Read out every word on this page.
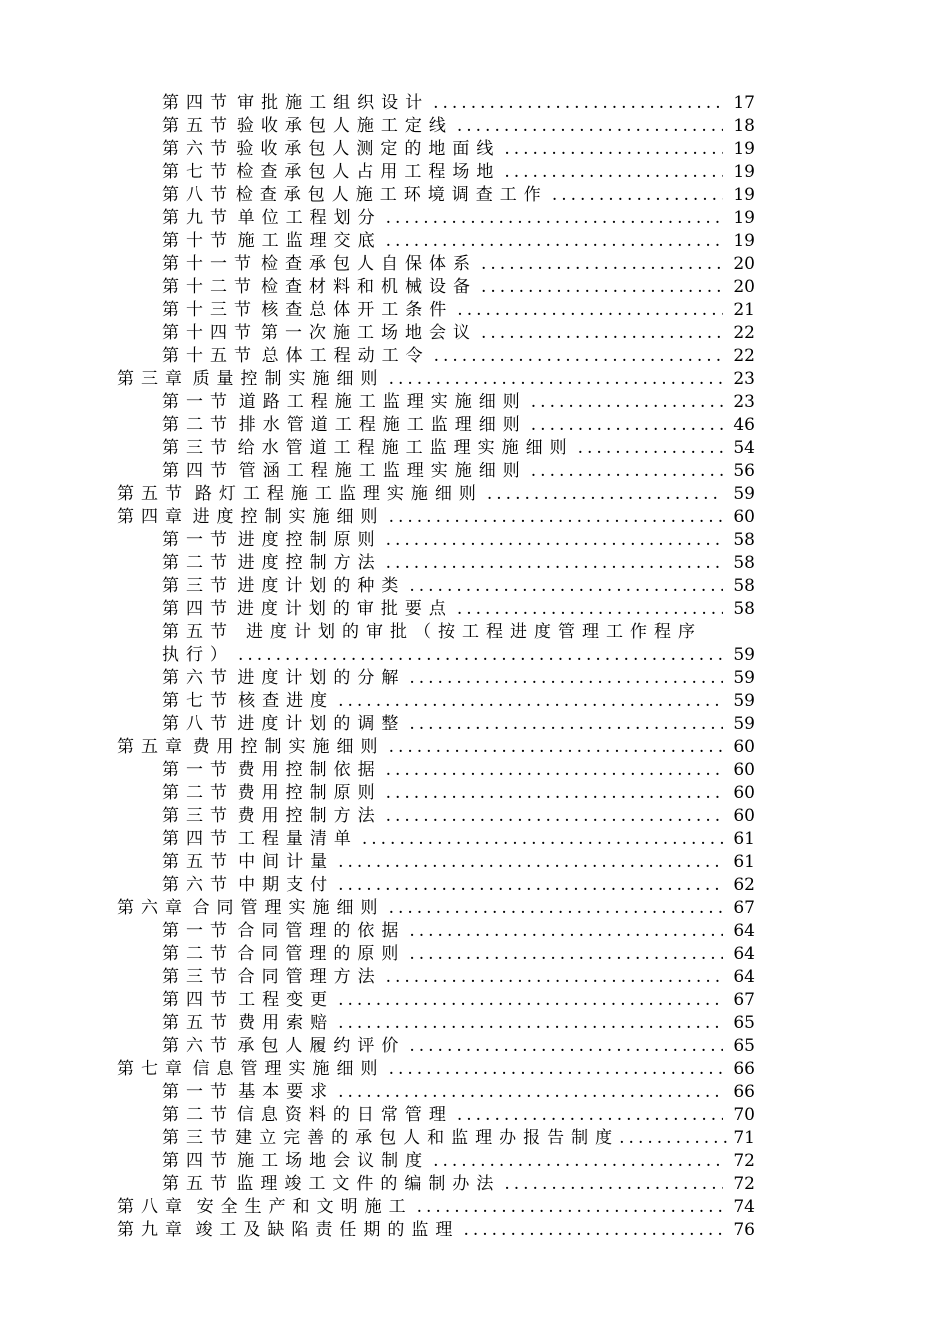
第四节 审批施工组织设计 .....	17
第五节 验收承包人施工定线 .....	18
第六节 验收承包人测定的地面线 .....	19
第七节 检查承包人占用工程场地 .....	19
第八节 检查承包人施工环境调查工作 .....	19
第九节 单位工程划分 .....	19
第十节 施工监理交底 .....	19
第十一节 检查承包人自保体系 .....	20
第十二节 检查材料和机械设备 .....	20
第十三节 核查总体开工条件 .....	21
第十四节 第一次施工场地会议 .....	22
第十五节 总体工程动工令 .....	22
第三章 质量控制实施细则 .....	23
第一节 道路工程施工监理实施细则 .....	23
第二节 排水管道工程施工监理细则 .....	46
第三节 给水管道工程施工监理实施细则 .....	54
第四节 管涵工程施工监理实施细则 .....	56
第五节 路灯工程施工监理实施细则 .....	59
第四章 进度控制实施细则 .....	60
第一节 进度控制原则 .....	58
第二节 进度控制方法 .....	58
第三节 进度计划的种类 .....	58
第四节 进度计划的审批要点 .....	58
第五节 进度计划的审批（按工程进度管理工作程序
执行） .....	59
第六节 进度计划的分解 .....	59
第七节 核查进度 .....	59
第八节 进度计划的调整 .....	59
第五章 费用控制实施细则 .....	60
第一节 费用控制依据 .....	60
第二节 费用控制原则 .....	60
第三节 费用控制方法 .....	60
第四节 工程量清单 .....	61
第五节 中间计量 .....	61
第六节 中期支付 .....	62
第六章 合同管理实施细则 .....	67
第一节 合同管理的依据 .....	64
第二节 合同管理的原则 .....	64
第三节 合同管理方法 .....	64
第四节 工程变更 .....	67
第五节 费用索赔 .....	65
第六节 承包人履约评价 .....	65
第七章 信息管理实施细则 .....	66
第一节 基本要求 .....	66
第二节 信息资料的日常管理 .....	70
第三节 建立完善的承包人和监理办报告制度 .....	71
第四节 施工场地会议制度 .....	72
第五节 监理竣工文件的编制办法 .....	72
第八章 安全生产和文明施工 .....	74
第九章 竣工及缺陷责任期的监理 .....	76
